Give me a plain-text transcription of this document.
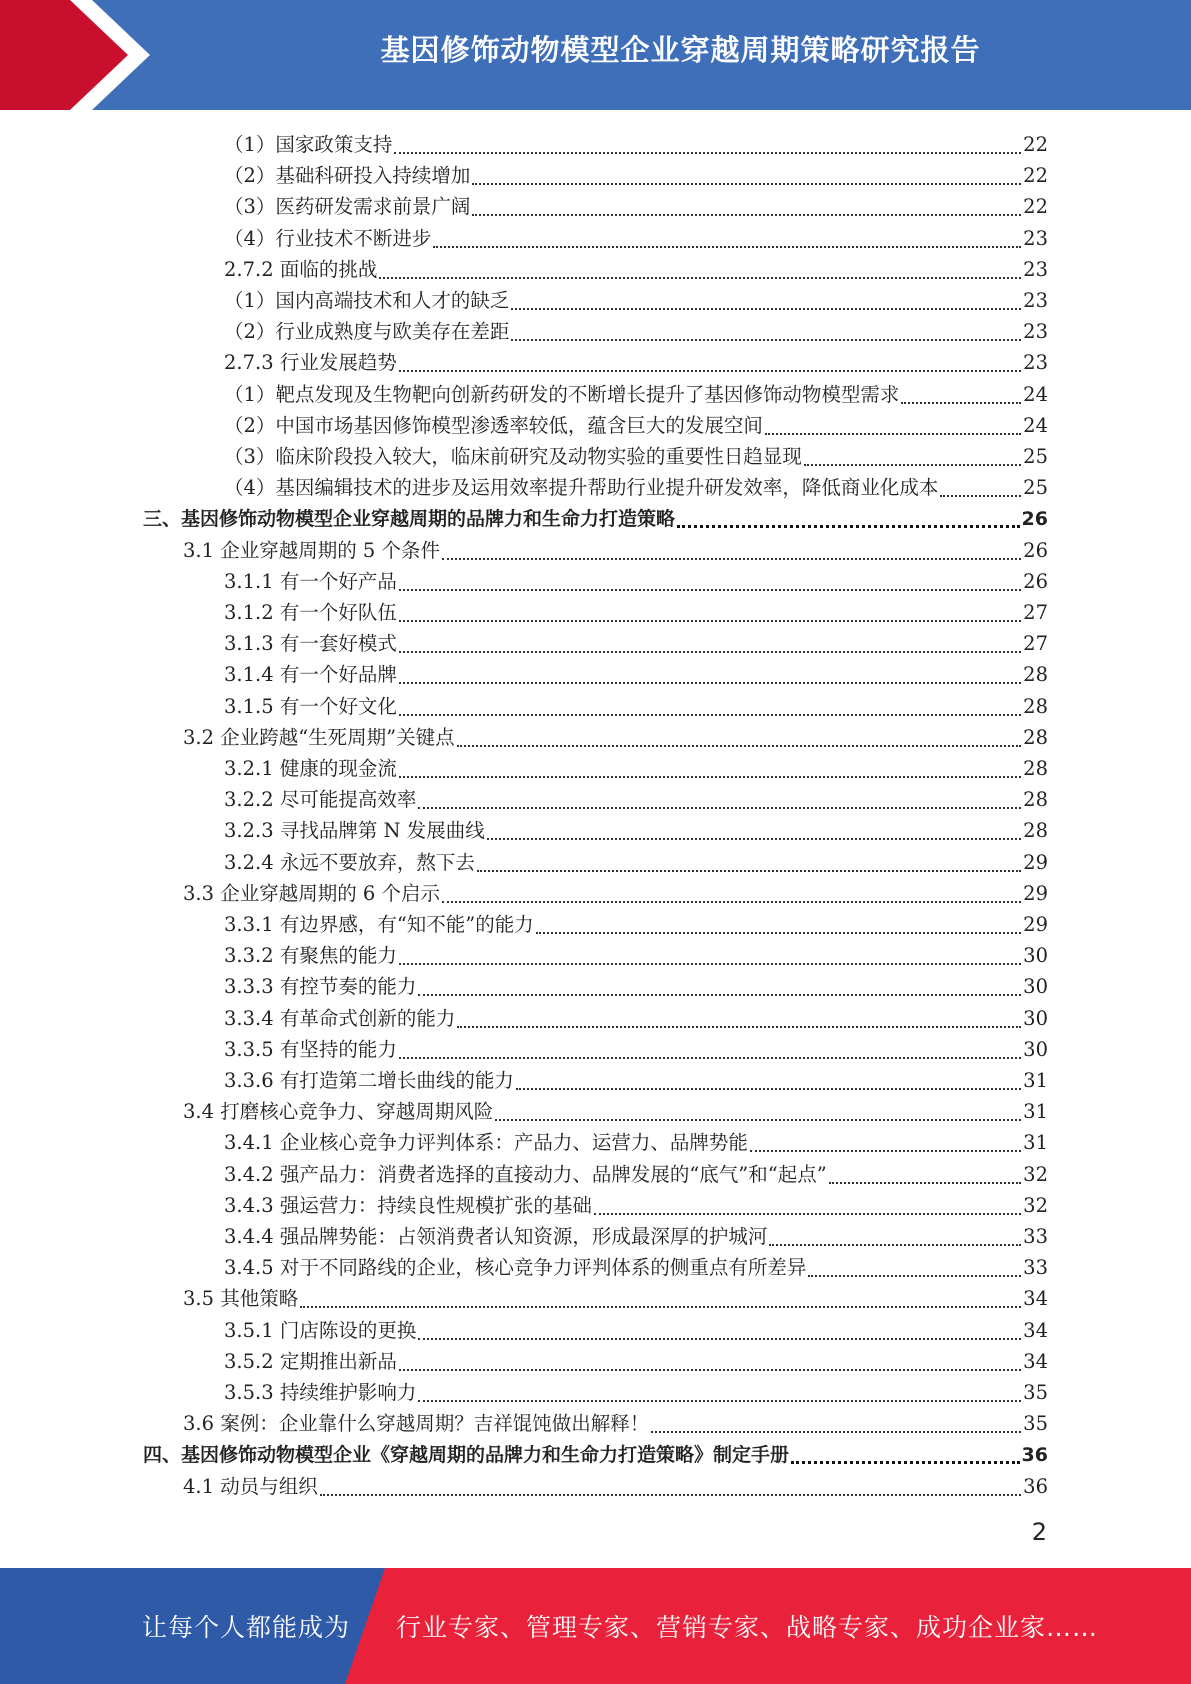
基因修饰动物模型企业穿越周期策略研究报告
（1）国家政策支持	22
（2）基础科研投入持续增加	22
（3）医药研发需求前景广阔	22
（4）行业技术不断进步	23
2.7.2 面临的挑战	23
（1）国内高端技术和人才的缺乏	23
（2）行业成熟度与欧美存在差距	23
2.7.3 行业发展趋势	23
（1）靶点发现及生物靶向创新药研发的不断增长提升了基因修饰动物模型需求	24
（2）中国市场基因修饰模型渗透率较低，蕴含巨大的发展空间	24
（3）临床阶段投入较大，临床前研究及动物实验的重要性日趋显现	25
（4）基因编辑技术的进步及运用效率提升帮助行业提升研发效率，降低商业化成本	25
三、基因修饰动物模型企业穿越周期的品牌力和生命力打造策略	26
3.1 企业穿越周期的 5 个条件	26
3.1.1 有一个好产品	26
3.1.2 有一个好队伍	27
3.1.3 有一套好模式	27
3.1.4 有一个好品牌	28
3.1.5 有一个好文化	28
3.2 企业跨越“生死周期”关键点	28
3.2.1 健康的现金流	28
3.2.2 尽可能提高效率	28
3.2.3 寻找品牌第 N 发展曲线	28
3.2.4 永远不要放弃，熬下去	29
3.3 企业穿越周期的 6 个启示	29
3.3.1 有边界感，有“知不能”的能力	29
3.3.2 有聚焦的能力	30
3.3.3 有控节奏的能力	30
3.3.4 有革命式创新的能力	30
3.3.5 有坚持的能力	30
3.3.6 有打造第二增长曲线的能力	31
3.4 打磨核心竞争力、穿越周期风险	31
3.4.1 企业核心竞争力评判体系：产品力、运营力、品牌势能	31
3.4.2 强产品力：消费者选择的直接动力、品牌发展的“底气”和“起点”	32
3.4.3 强运营力：持续良性规模扩张的基础	32
3.4.4 强品牌势能：占领消费者认知资源，形成最深厚的护城河	33
3.4.5 对于不同路线的企业，核心竞争力评判体系的侧重点有所差异	33
3.5 其他策略	34
3.5.1 门店陈设的更换	34
3.5.2 定期推出新品	34
3.5.3 持续维护影响力	35
3.6 案例：企业靠什么穿越周期？吉祥馄饨做出解释！	35
四、基因修饰动物模型企业《穿越周期的品牌力和生命力打造策略》制定手册	36
4.1 动员与组织	36
2
让每个人都能成为 行业专家、管理专家、营销专家、战略专家、成功企业家……
